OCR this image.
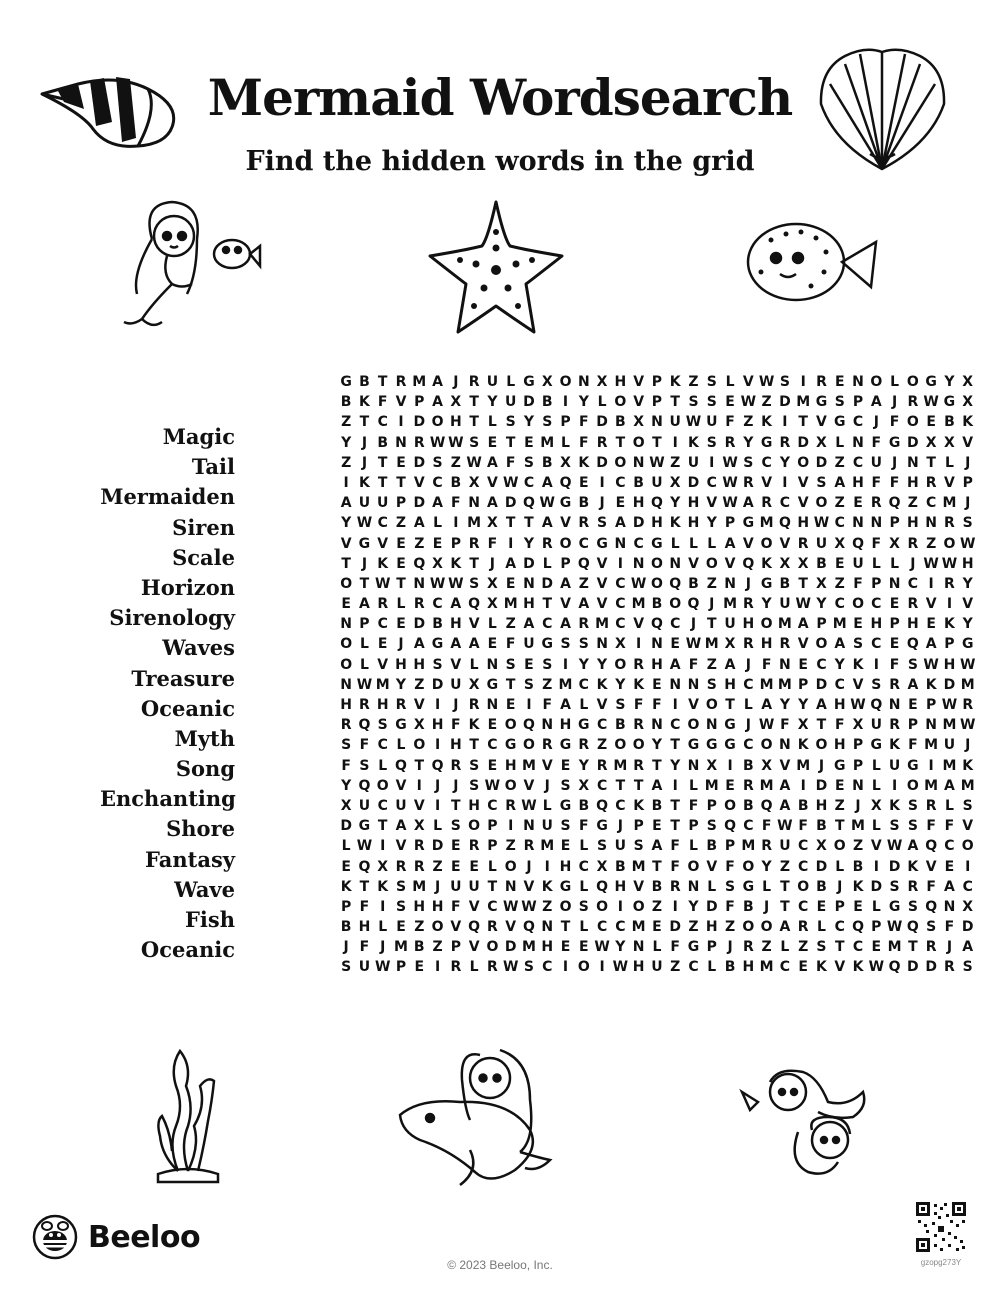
Mermaid Wordsearch
Find the hidden words in the grid
Magic
Tail
Mermaiden
Siren
Scale
Horizon
Sirenology
Waves
Treasure
Oceanic
Myth
Song
Enchanting
Shore
Fantasy
Wave
Fish
Oceanic
G B T R M A J R U L G X O N X H V P K Z S L V W S I R E N O L O G Y X
B K F V P A X T Y U D B I Y L O V P T S S E W Z D M G S P A J R W G X
Z T C I D O H T L S Y S P F D B X N U W U F Z K I T V G C J F O E B K
Y J B N R W W S E T E M L F R T O T I K S R Y G R D X L N F G D X X V
Z J T E D S Z W A F S B X K D O N W Z U I W S C Y O D Z C U J N T L J
I K T T V C B X V W C A Q E I C B U X D C W R V I V S A H F F H R V P
A U U P D A F N A D Q W G B J E H Q Y H V W A R C V O Z E R Q Z C M J
Y W C Z A L I M X T T A V R S A D H K H Y P G M Q H W C N N P H N R S
V G V E Z E P R F I Y R O C G N C G L L L A V O V R U X Q F X R Z O W
T J K E Q X K T J A D L P Q V I N O N V O V Q K X X B E U L L J W W H
O T W T N W W S X E N D A Z V C W O Q B Z N J G B T X Z F P N C I R Y
E A R L R C A Q X M H T V A V C M B O Q J M R Y U W Y C O C E R V I V
N P C E D B H V L Z A C A R M C V Q C J T U H O M A P M E H P H E K Y
O L E J A G A A E F U G S S N X I N E W M X R H R V O A S C E Q A P G
O L V H H S V L N S E S I Y Y O R H A F Z A J F N E C Y K I F S W H W
N W M Y Z D U X G T S Z M C K Y K E N N S H C M M P D C V S R A K D M
H R H R V I J R N E I F A L V S F F I V O T L A Y Y A H W Q N E P W R
R Q S G X H F K E O Q N H G C B R N C O N G J W F X T F X U R P N M W
S F C L O I H T C G O R G R Z O O Y T G G G C O N K O H P G K F M U J
F S L Q T Q R S E H M V E Y R M R T Y N X I B X V M J G P L U G I M K
Y Q O V I J J S W O V J S X C T T A I L M E R M A I D E N L I O M A M
X U C U V I T H C R W L G B Q C K B T F P O B Q A B H Z J X K S R L S
D G T A X L S O P I N U S F G J P E T P S Q C F W F B T M L S S F F V
L W I V R D E R P Z R M E L S U S A F L B P M R U C X O Z V W A Q C O
E Q X R R Z E E L O J I H C X B M T F O V F O Y Z C D L B I D K V E I
K T K S M J U U T N V K G L Q H V B R N L S G L T O B J K D S R F A C
P F I S H H F V C W W Z O S O I O Z I Y D F B J T C E P E L G S Q N X
B H L E Z O V Q R V Q N T L C C M E D Z H Z O O A R L C Q P W Q S F D
J F J M B Z P V O D M H E E W Y N L F G P J R Z L Z S T C E M T R J A
S U W P E I R L R W S C I O I W H U Z C L B H M C E K V K W Q D D R S
Beeloo
© 2023 Beeloo, Inc.	gzopg273Y
